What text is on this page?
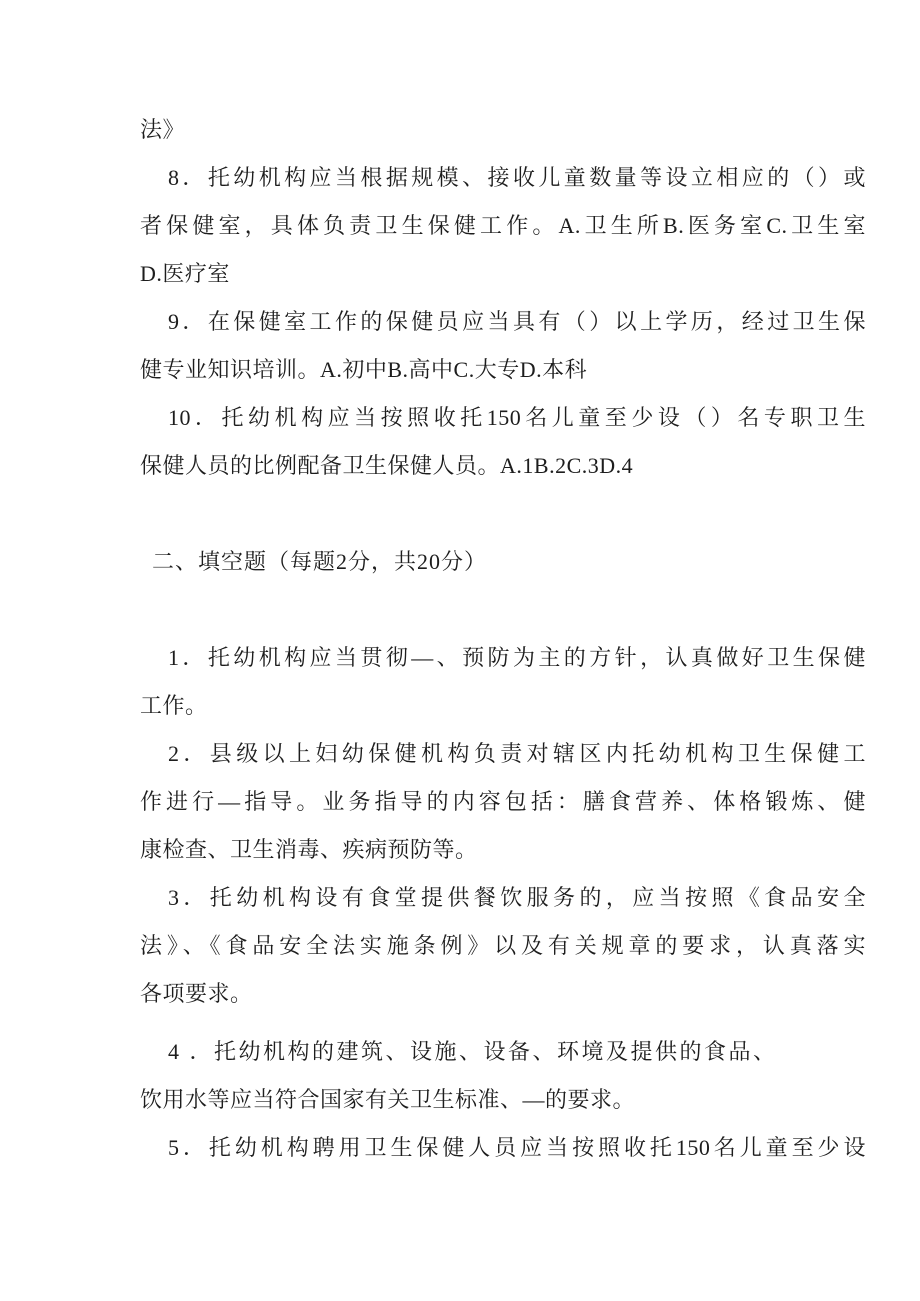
法》
8．托幼机构应当根据规模、接收儿童数量等设立相应的（）或
者保健室，具体负责卫生保健工作。A.卫生所B.医务室C.卫生室
D.医疗室
9．在保健室工作的保健员应当具有（）以上学历，经过卫生保
健专业知识培训。A.初中B.高中C.大专D.本科
10．托幼机构应当按照收托150名儿童至少设（）名专职卫生
保健人员的比例配备卫生保健人员。A.1B.2C.3D.4
二、填空题（每题2分，共20分）
1．托幼机构应当贯彻—、预防为主的方针，认真做好卫生保健
工作。
2．县级以上妇幼保健机构负责对辖区内托幼机构卫生保健工
作进行—指导。业务指导的内容包括：膳食营养、体格锻炼、健
康检查、卫生消毒、疾病预防等。
3．托幼机构设有食堂提供餐饮服务的，应当按照《食品安全
法》、《食品安全法实施条例》以及有关规章的要求，认真落实
各项要求。
4 ．托幼机构的建筑、设施、设备、环境及提供的食品、
饮用水等应当符合国家有关卫生标准、—的要求。
5．托幼机构聘用卫生保健人员应当按照收托150名儿童至少设
